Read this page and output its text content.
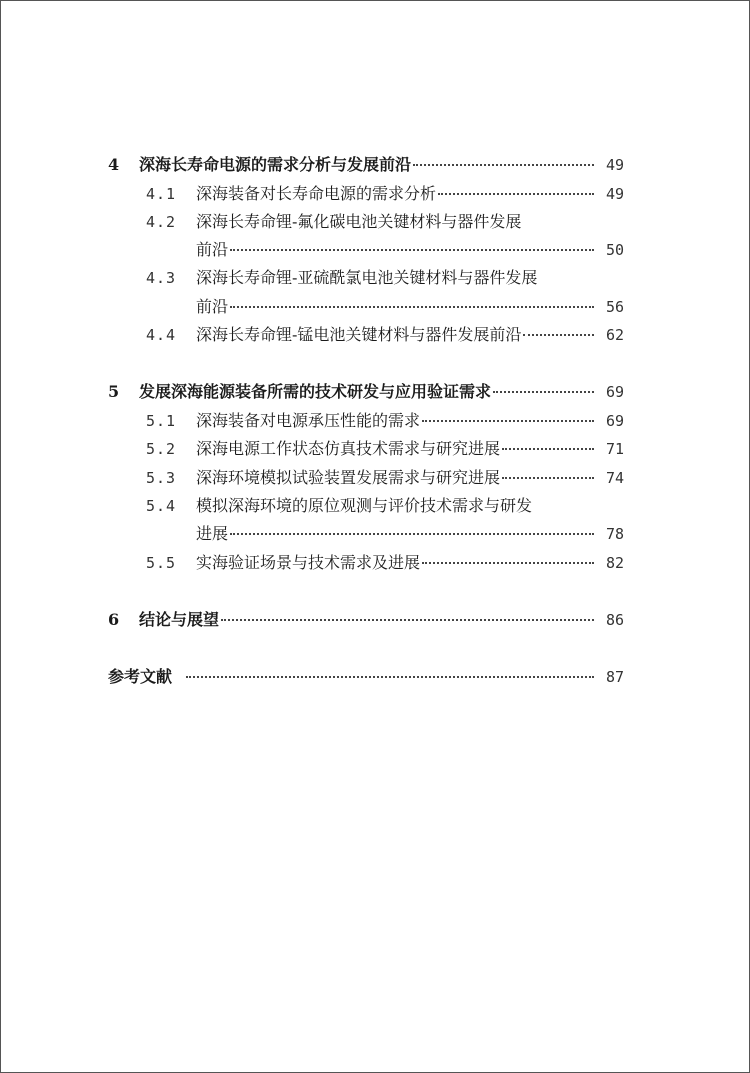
4 深海长寿命电源的需求分析与发展前沿	49
4.1 深海装备对长寿命电源的需求分析	49
4.2 深海长寿命锂-氟化碳电池关键材料与器件发展
前沿	50
4.3 深海长寿命锂-亚硫酰氯电池关键材料与器件发展
前沿	56
4.4 深海长寿命锂-锰电池关键材料与器件发展前沿	62
5 发展深海能源装备所需的技术研发与应用验证需求	69
5.1 深海装备对电源承压性能的需求	69
5.2 深海电源工作状态仿真技术需求与研究进展	71
5.3 深海环境模拟试验装置发展需求与研究进展	74
5.4 模拟深海环境的原位观测与评价技术需求与研发
进展	78
5.5 实海验证场景与技术需求及进展	82
6 结论与展望	86
参考文献	87
